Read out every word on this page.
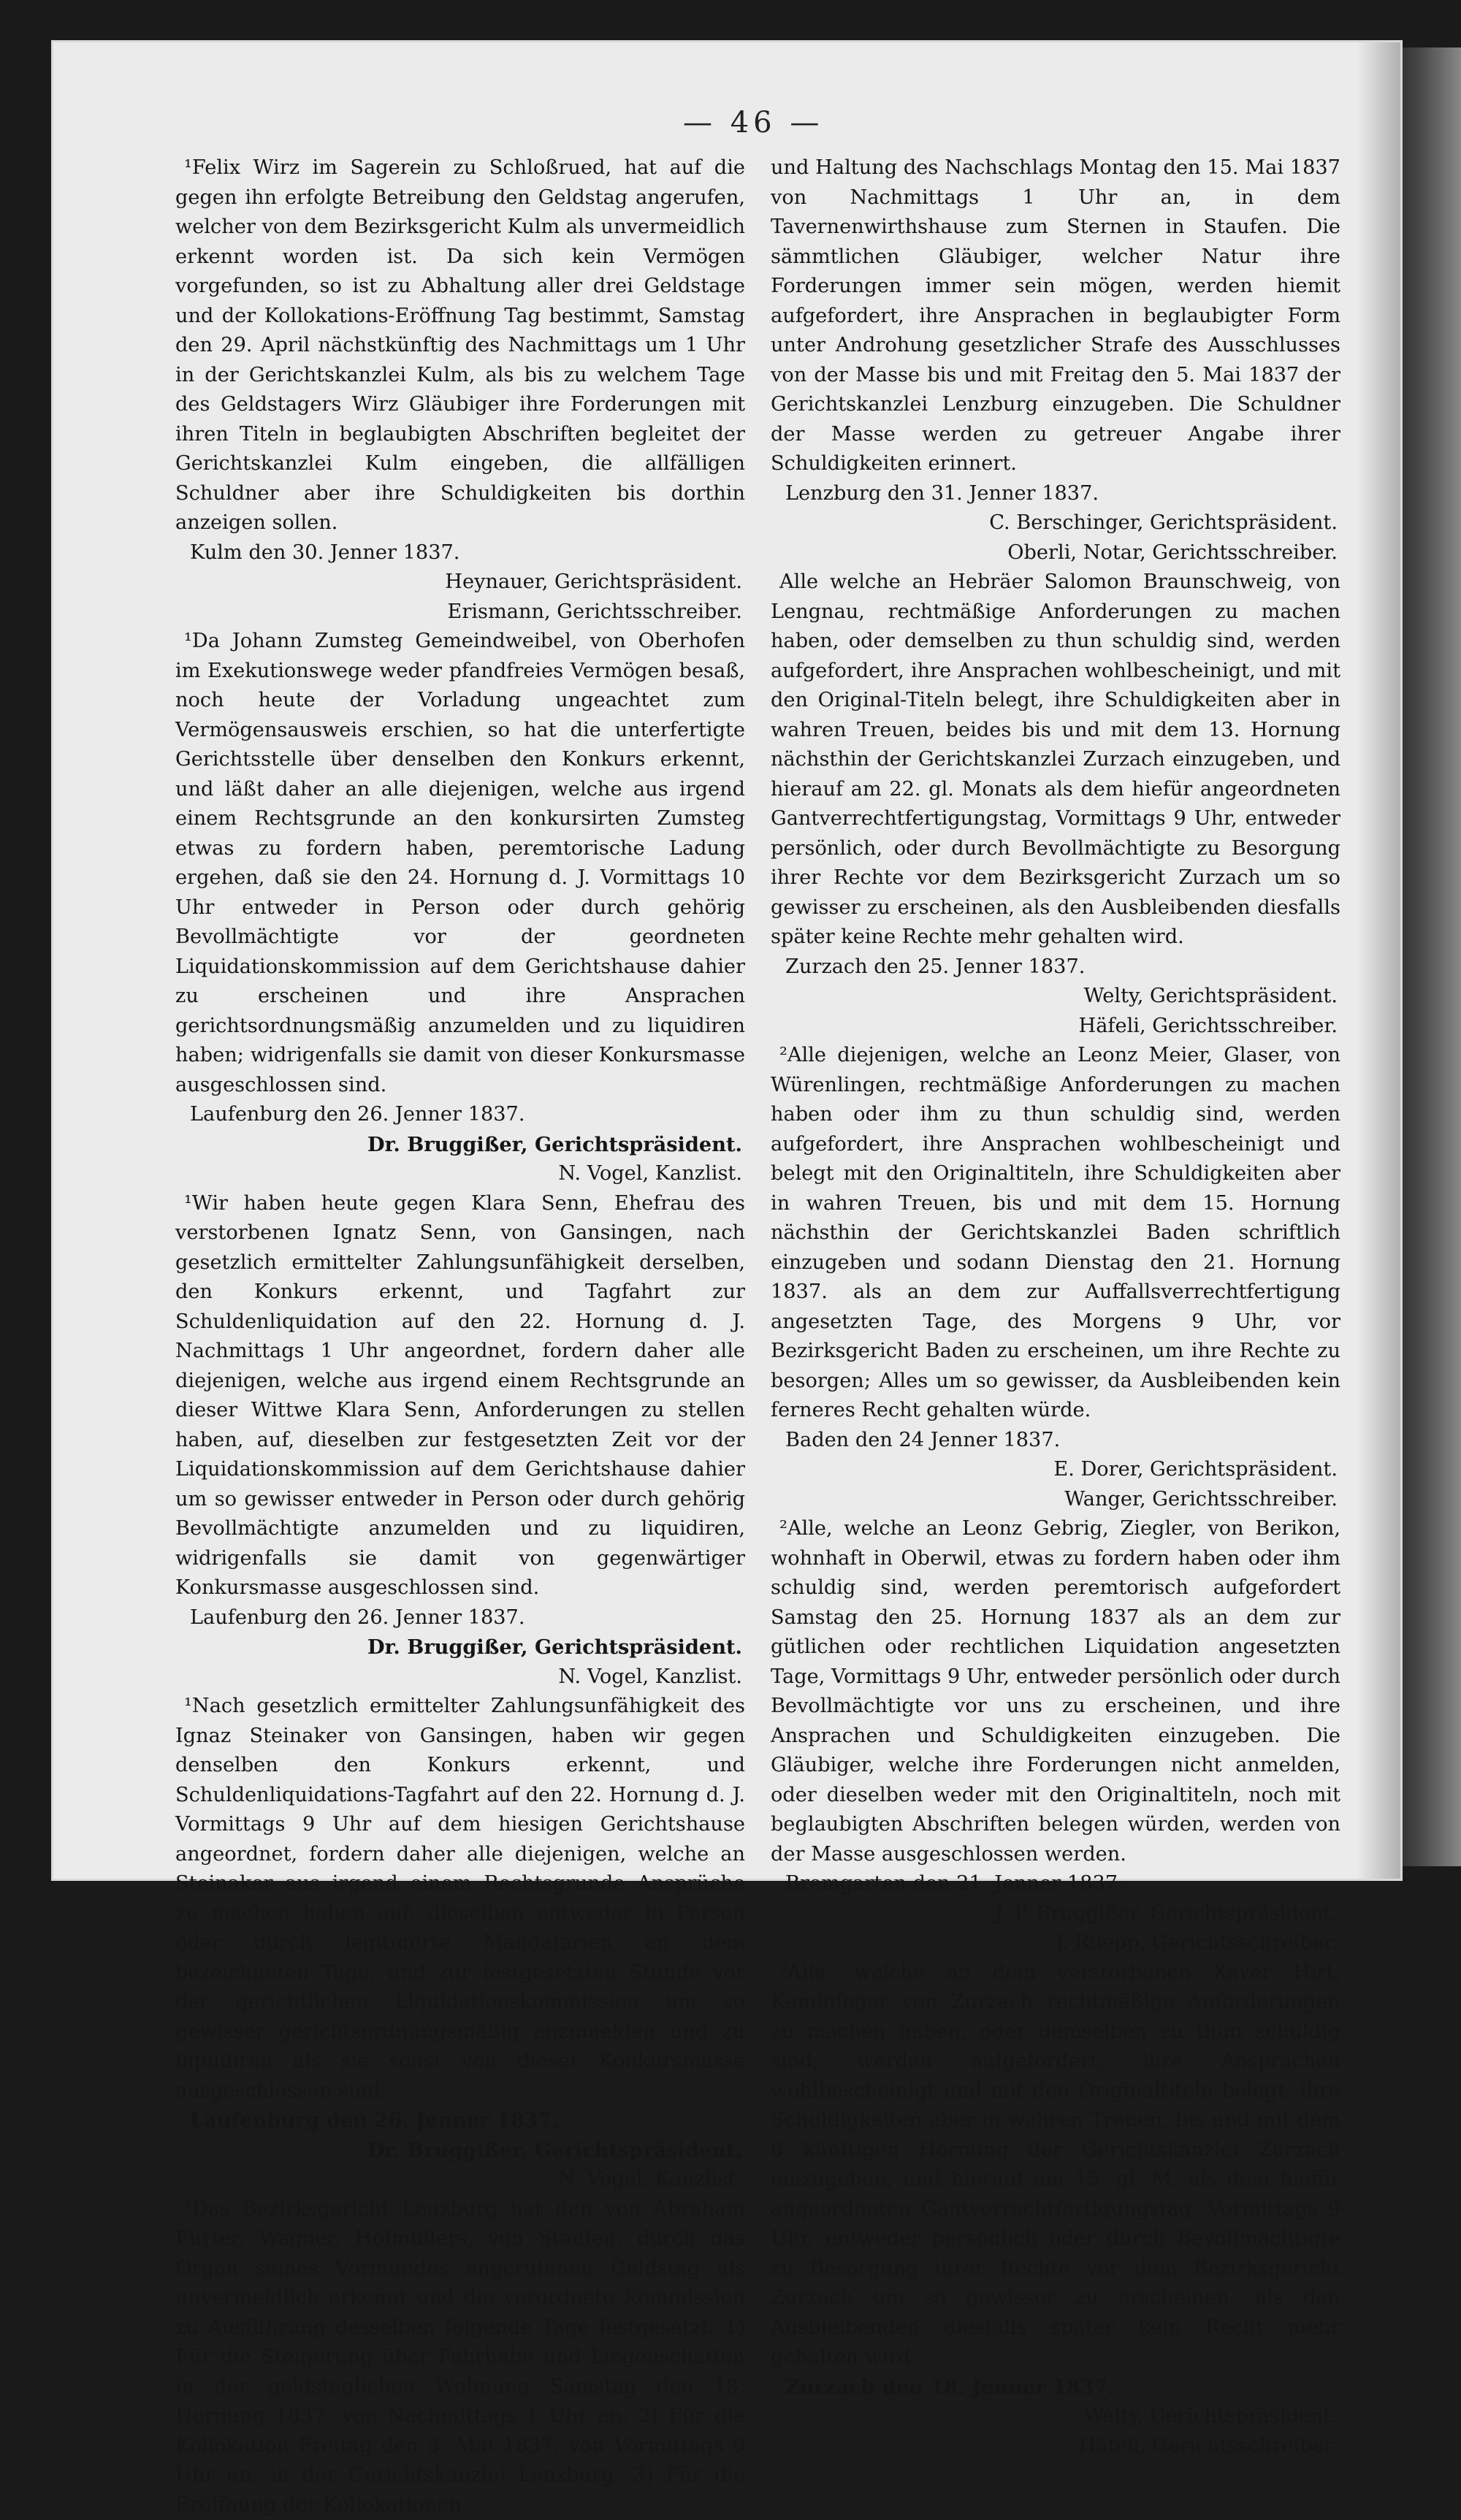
— 46 —

¹Felix Wirz im Sagerein zu Schloßrued, hat auf die gegen ihn erfolgte Betreibung den Geldstag angerufen, welcher von dem Bezirksgericht Kulm als unvermeidlich erkennt worden ist. Da sich kein Vermögen vorgefunden, so ist zu Abhaltung aller drei Geldstage und der Kollokations-Eröffnung Tag bestimmt, Samstag den 29. April nächstkünftig des Nachmittags um 1 Uhr in der Gerichtskanzlei Kulm, als bis zu welchem Tage des Geldstagers Wirz Gläubiger ihre Forderungen mit ihren Titeln in beglaubigten Abschriften begleitet der Gerichtskanzlei Kulm eingeben, die allfälligen Schuldner aber ihre Schuldigkeiten bis dorthin anzeigen sollen.

Kulm den 30. Jenner 1837.

Heynauer, Gerichtspräsident.

Erismann, Gerichtsschreiber.

¹Da Johann Zumsteg Gemeindweibel, von Oberhofen im Exekutionswege weder pfandfreies Vermögen besaß, noch heute der Vorladung ungeachtet zum Vermögensausweis erschien, so hat die unterfertigte Gerichtsstelle über denselben den Konkurs erkennt, und läßt daher an alle diejenigen, welche aus irgend einem Rechtsgrunde an den konkursirten Zumsteg etwas zu fordern haben, peremtorische Ladung ergehen, daß sie den 24. Hornung d. J. Vormittags 10 Uhr entweder in Person oder durch gehörig Bevollmächtigte vor der geordneten Liquidationskommission auf dem Gerichtshause dahier zu erscheinen und ihre Ansprachen gerichtsordnungsmäßig anzumelden und zu liquidiren haben; widrigenfalls sie damit von dieser Konkursmasse ausgeschlossen sind.

Laufenburg den 26. Jenner 1837.

Dr. Bruggißer, Gerichtspräsident.

N. Vogel, Kanzlist.

¹Wir haben heute gegen Klara Senn, Ehefrau des verstorbenen Ignatz Senn, von Gansingen, nach gesetzlich ermittelter Zahlungsunfähigkeit derselben, den Konkurs erkennt, und Tagfahrt zur Schuldenliquidation auf den 22. Hornung d. J. Nachmittags 1 Uhr angeordnet, fordern daher alle diejenigen, welche aus irgend einem Rechtsgrunde an dieser Wittwe Klara Senn, Anforderungen zu stellen haben, auf, dieselben zur festgesetzten Zeit vor der Liquidationskommission auf dem Gerichtshause dahier um so gewisser entweder in Person oder durch gehörig Bevollmächtigte anzumelden und zu liquidiren, widrigenfalls sie damit von gegenwärtiger Konkursmasse ausgeschlossen sind.

Laufenburg den 26. Jenner 1837.

Dr. Bruggißer, Gerichtspräsident.

N. Vogel, Kanzlist.

¹Nach gesetzlich ermittelter Zahlungsunfähigkeit des Ignaz Steinaker von Gansingen, haben wir gegen denselben den Konkurs erkennt, und Schuldenliquidations-Tagfahrt auf den 22. Hornung d. J. Vormittags 9 Uhr auf dem hiesigen Gerichtshause angeordnet, fordern daher alle diejenigen, welche an Steinaker aus irgend einem Rechtsgrunde Ansprüche zu machen haben auf, dieselben entweder in Person oder durch legitimirte Mandatarien an dem bezeichneten Tage, und zur festgesetzten Stunde vor der gerichtlichen Liquidationskommission um so gewisser gerichtsordnungsmäßig anzumelden und zu liquidiren als sie sonst von dieser Konkursmasse ausgeschlossen sind.

Laufenburg den 26. Jenner 1837.

Dr. Bruggißer, Gerichtspräsident.

N. Vogel, Kanzlist.

¹Das Bezirksgericht Lenzburg hat den von Abraham Furter, Wagner, Hofmüllers, von Staufen, durch das Organ seines Vormundes angerufenen Geldstag als unvermeidlich erkennt und die verordnete Kommission zu Ausführung desselben folgende Tage festgesetzt: 1) Für die Steigerung über Fahrhabe und Liegenschaften in der geldstaglichen Wohnung Samstag den 18. Hornung 1837. von Nachmittags 1 Uhr an. 2) Für die Kollokation Freitag den 5. Mai 1837, von Vormittags 9 Uhr an, in der Gerichtskanzlei Lenzburg. 3) Für die Eröffnung der Kollokationen

und Haltung des Nachschlags Montag den 15. Mai 1837 von Nachmittags 1 Uhr an, in dem Tavernenwirthshause zum Sternen in Staufen. Die sämmtlichen Gläubiger, welcher Natur ihre Forderungen immer sein mögen, werden hiemit aufgefordert, ihre Ansprachen in beglaubigter Form unter Androhung gesetzlicher Strafe des Ausschlusses von der Masse bis und mit Freitag den 5. Mai 1837 der Gerichtskanzlei Lenzburg einzugeben. Die Schuldner der Masse werden zu getreuer Angabe ihrer Schuldigkeiten erinnert.

Lenzburg den 31. Jenner 1837.

C. Berschinger, Gerichtspräsident.

Oberli, Notar, Gerichtsschreiber.

Alle welche an Hebräer Salomon Braunschweig, von Lengnau, rechtmäßige Anforderungen zu machen haben, oder demselben zu thun schuldig sind, werden aufgefordert, ihre Ansprachen wohlbescheinigt, und mit den Original-Titeln belegt, ihre Schuldigkeiten aber in wahren Treuen, beides bis und mit dem 13. Hornung nächsthin der Gerichtskanzlei Zurzach einzugeben, und hierauf am 22. gl. Monats als dem hiefür angeordneten Gantverrechtfertigungstag, Vormittags 9 Uhr, entweder persönlich, oder durch Bevollmächtigte zu Besorgung ihrer Rechte vor dem Bezirksgericht Zurzach um so gewisser zu erscheinen, als den Ausbleibenden diesfalls später keine Rechte mehr gehalten wird.

Zurzach den 25. Jenner 1837.

Welty, Gerichtspräsident.

Häfeli, Gerichtsschreiber.

²Alle diejenigen, welche an Leonz Meier, Glaser, von Würenlingen, rechtmäßige Anforderungen zu machen haben oder ihm zu thun schuldig sind, werden aufgefordert, ihre Ansprachen wohlbescheinigt und belegt mit den Originaltiteln, ihre Schuldigkeiten aber in wahren Treuen, bis und mit dem 15. Hornung nächsthin der Gerichtskanzlei Baden schriftlich einzugeben und sodann Dienstag den 21. Hornung 1837. als an dem zur Auffallsverrechtfertigung angesetzten Tage, des Morgens 9 Uhr, vor Bezirksgericht Baden zu erscheinen, um ihre Rechte zu besorgen; Alles um so gewisser, da Ausbleibenden kein ferneres Recht gehalten würde.

Baden den 24 Jenner 1837.

E. Dorer, Gerichtspräsident.

Wanger, Gerichtsschreiber.

²Alle, welche an Leonz Gebrig, Ziegler, von Berikon, wohnhaft in Oberwil, etwas zu fordern haben oder ihm schuldig sind, werden peremtorisch aufgefordert Samstag den 25. Hornung 1837 als an dem zur gütlichen oder rechtlichen Liquidation angesetzten Tage, Vormittags 9 Uhr, entweder persönlich oder durch Bevollmächtigte vor uns zu erscheinen, und ihre Ansprachen und Schuldigkeiten einzugeben. Die Gläubiger, welche ihre Forderungen nicht anmelden, oder dieselben weder mit den Originaltiteln, noch mit beglaubigten Abschriften belegen würden, werden von der Masse ausgeschlossen werden.

Bremgarten den 21. Jenner 1837.

J. P. Bruggißer, Gerichtspräsident.

J. Ruepp, Gerichtsschreiber.

²Alle, welche an dem verstorbenen Xaver Hirt, Kaminfeger von Zurzach rechtmäßige Anforderungen zu machen haben, oder demselben zu thun schuldig sind, werden aufgefordert, ihre Ansprachen wohlbescheinigt und mit den Originaltiteln belegt, ihre Schuldigkeiten aber in wahren Treuen, bis und mit dem 6 künftigen Hornung der Gerichtskanzlei Zurzach einzugeben, und hierauf am 15. gl. M. als dem hiefür angeordneten Gantverrechtfertigungstag, Vormittags 9 Uhr, entweder persönlich oder durch Bevollmächtigte zu Besorgung ihrer Rechte vor dem Bezirksgericht Zurzach um so gewisser zu erscheinen, als den Ausbleibenden diesfalls später kein Recht mehr gehalten wird.

Zurzach den 18. Jenner 1837.

Welty, Gerichtspräsident.

Häfeli, Gerichtsschreiber.
